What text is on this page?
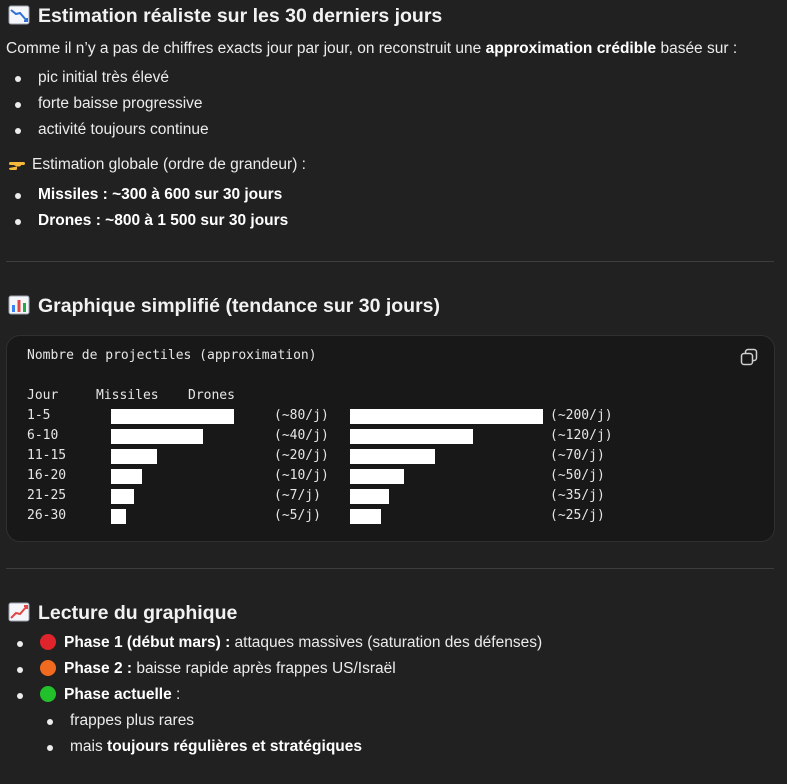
Estimation réaliste sur les 30 derniers jours

Comme il n’y a pas de chiffres exacts jour par jour, on reconstruit une approximation crédible basée sur :

pic initial très élevé
forte baisse progressive
activité toujours continue

Estimation globale (ordre de grandeur) :

Missiles : ~300 à 600 sur 30 jours
Drones : ~800 à 1 500 sur 30 jours
Graphique simplifié (tendance sur 30 jours)
Nombre de projectiles (approximation)
Jour	Missiles Drones
1-5	(~80/j)	(~200/j)
6-10	(~40/j)	(~120/j)
11-15	(~20/j)	(~70/j)
16-20	(~10/j)	(~50/j)
21-25	(~7/j)	(~35/j)
26-30	(~5/j)	(~25/j)
Lecture du graphique
Phase 1 (début mars) : attaques massives (saturation des défenses)
Phase 2 : baisse rapide après frappes US/Israël
Phase actuelle :
frappes plus rares
mais toujours régulières et stratégiques
